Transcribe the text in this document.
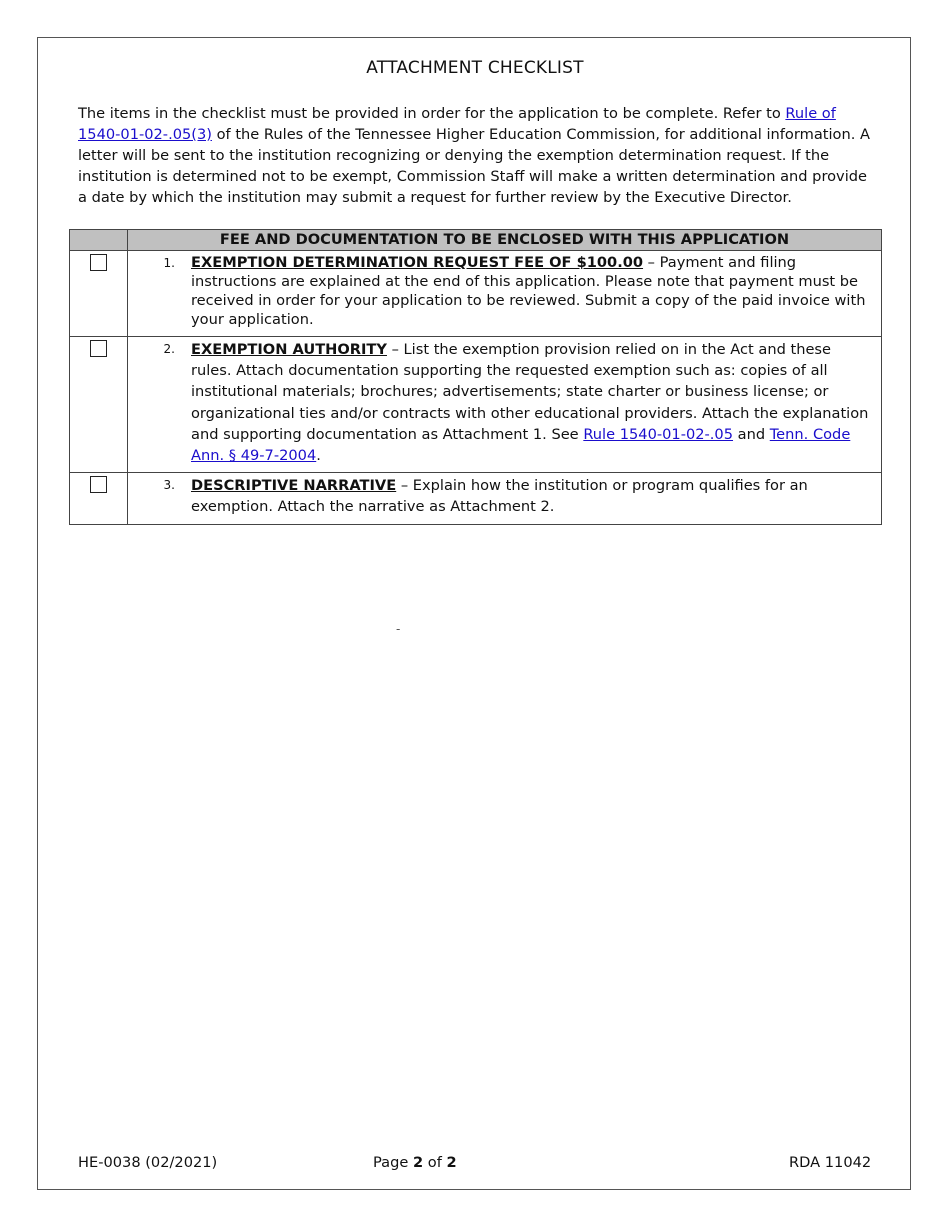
ATTACHMENT CHECKLIST

The items in the checklist must be provided in order for the application to be complete. Refer to Rule of 1540-01-02-.05(3) of the Rules of the Tennessee Higher Education Commission, for additional information. A letter will be sent to the institution recognizing or denying the exemption determination request. If the institution is determined not to be exempt, Commission Staff will make a written determination and provide a date by which the institution may submit a request for further review by the Executive Director.

	FEE AND DOCUMENTATION TO BE ENCLOSED WITH THIS APPLICATION

	1. EXEMPTION DETERMINATION REQUEST FEE OF $100.00 – Payment and filing instructions are explained at the end of this application. Please note that payment must be received in order for your application to be reviewed. Submit a copy of the paid invoice with your application.

	2. EXEMPTION AUTHORITY – List the exemption provision relied on in the Act and these rules. Attach documentation supporting the requested exemption such as: copies of all institutional materials; brochures; advertisements; state charter or business license; or organizational ties and/or contracts with other educational providers. Attach the explanation and supporting documentation as Attachment 1. See Rule 1540-01-02-.05 and Tenn. Code Ann. § 49-7-2004.

	3. DESCRIPTIVE NARRATIVE – Explain how the institution or program qualifies for an exemption. Attach the narrative as Attachment 2.
-
HE-0038 (02/2021)	Page 2 of 2	RDA 11042
